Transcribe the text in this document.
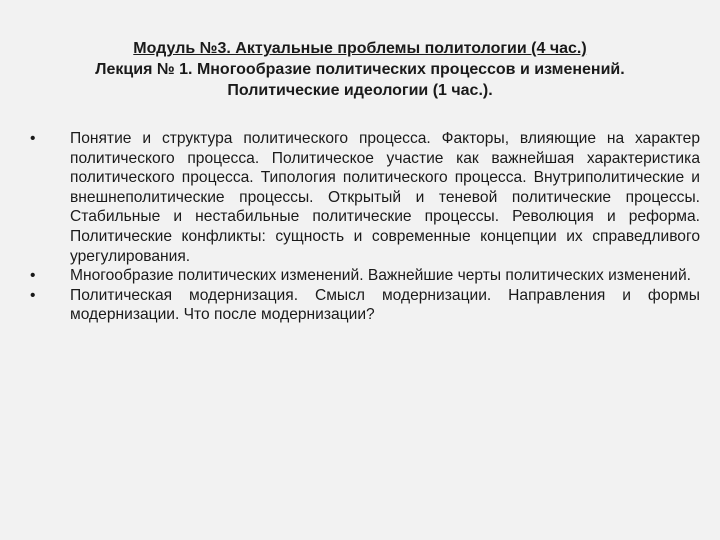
Модуль №3. Актуальные проблемы политологии (4 час.)
Лекция № 1. Многообразие политических процессов и изменений.
Политические идеологии (1 час.).
•	Понятие и структура политического процесса. Факторы, влияющие на характер политического процесса. Политическое участие как важнейшая характеристика политического процесса. Типология политического процесса. Внутриполитические и внешнеполитические процессы. Открытый и теневой политические процессы. Стабильные и нестабильные политические процессы. Революция и реформа. Политические конфликты: сущность и современные концепции их справедливого урегулирования.
•	Многообразие политических изменений. Важнейшие черты политических изменений.
•	Политическая модернизация. Смысл модернизации. Направления и формы модернизации. Что после модернизации?
